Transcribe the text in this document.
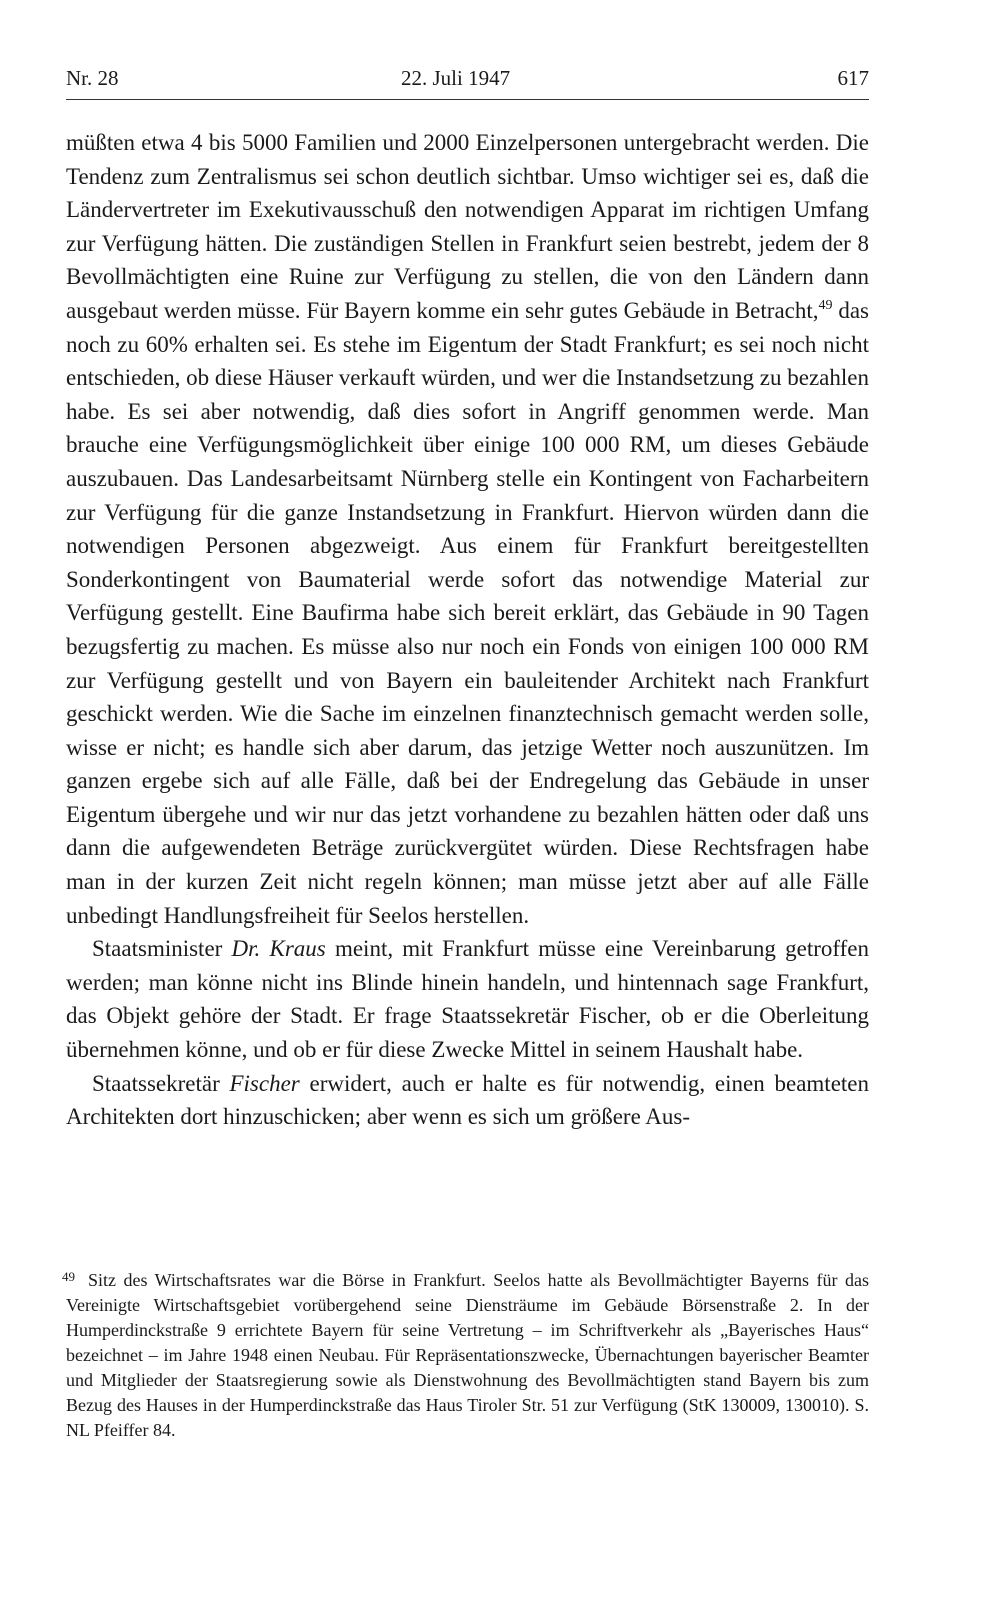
Nr. 28	22. Juli 1947	617

müßten etwa 4 bis 5000 Familien und 2000 Einzelpersonen untergebracht werden. Die Tendenz zum Zentralismus sei schon deutlich sichtbar. Umso wichtiger sei es, daß die Ländervertreter im Exekutivausschuß den notwendigen Apparat im richtigen Umfang zur Verfügung hätten. Die zuständigen Stellen in Frankfurt seien bestrebt, jedem der 8 Bevollmächtigten eine Ruine zur Verfügung zu stellen, die von den Ländern dann ausgebaut werden müsse. Für Bayern komme ein sehr gutes Gebäude in Betracht,$^{49}$ das noch zu 60% erhalten sei. Es stehe im Eigentum der Stadt Frankfurt; es sei noch nicht entschieden, ob diese Häuser verkauft würden, und wer die Instandsetzung zu bezahlen habe. Es sei aber notwendig, daß dies sofort in Angriff genommen werde. Man brauche eine Verfügungsmöglichkeit über einige 100 000 RM, um dieses Gebäude auszubauen. Das Landesarbeitsamt Nürnberg stelle ein Kontingent von Facharbeitern zur Verfügung für die ganze Instandsetzung in Frankfurt. Hiervon würden dann die notwendigen Personen abgezweigt. Aus einem für Frankfurt bereitgestellten Sonderkontingent von Baumaterial werde sofort das notwendige Material zur Verfügung gestellt. Eine Baufirma habe sich bereit erklärt, das Gebäude in 90 Tagen bezugsfertig zu machen. Es müsse also nur noch ein Fonds von einigen 100 000 RM zur Verfügung gestellt und von Bayern ein bauleitender Architekt nach Frankfurt geschickt werden. Wie die Sache im einzelnen finanztechnisch gemacht werden solle, wisse er nicht; es handle sich aber darum, das jetzige Wetter noch auszunützen. Im ganzen ergebe sich auf alle Fälle, daß bei der Endregelung das Gebäude in unser Eigentum übergehe und wir nur das jetzt vorhandene zu bezahlen hätten oder daß uns dann die aufgewendeten Beträge zurückvergütet würden. Diese Rechtsfragen habe man in der kurzen Zeit nicht regeln können; man müsse jetzt aber auf alle Fälle unbedingt Handlungsfreiheit für Seelos herstellen.

Staatsminister Dr. Kraus meint, mit Frankfurt müsse eine Vereinbarung getroffen werden; man könne nicht ins Blinde hinein handeln, und hintennach sage Frankfurt, das Objekt gehöre der Stadt. Er frage Staatssekretär Fischer, ob er die Oberleitung übernehmen könne, und ob er für diese Zwecke Mittel in seinem Haushalt habe.

Staatssekretär Fischer erwidert, auch er halte es für notwendig, einen beamteten Architekten dort hinzuschicken; aber wenn es sich um größere Aus-

49 Sitz des Wirtschaftsrates war die Börse in Frankfurt. Seelos hatte als Bevollmächtigter Bayerns für das Vereinigte Wirtschaftsgebiet vorübergehend seine Diensträume im Gebäude Börsenstraße 2. In der Humperdinckstraße 9 errichtete Bayern für seine Vertretung – im Schriftverkehr als „Bayerisches Haus“ bezeichnet – im Jahre 1948 einen Neubau. Für Repräsentationszwecke, Übernachtungen bayerischer Beamter und Mitglieder der Staatsregierung sowie als Dienstwohnung des Bevollmächtigten stand Bayern bis zum Bezug des Hauses in der Humperdinckstraße das Haus Tiroler Str. 51 zur Verfügung (StK 130009, 130010). S. NL Pfeiffer 84.
